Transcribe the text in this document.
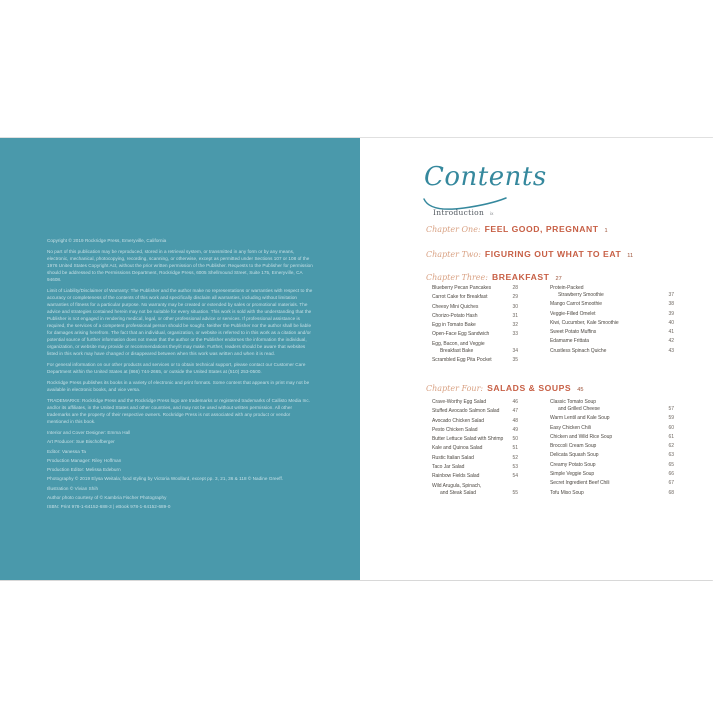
Copyright © 2019 Rockridge Press, Emeryville, California

No part of this publication may be reproduced, stored in a retrieval system, or transmitted in any form or by any means, electronic, mechanical, photocopying, recording, scanning, or otherwise, except as permitted under Sections 107 or 108 of the 1976 United States Copyright Act, without the prior written permission of the Publisher. Requests to the Publisher for permission should be addressed to the Permissions Department, Rockridge Press, 6005 Shellmound Street, Suite 175, Emeryville, CA 94608.

Limit of Liability/Disclaimer of Warranty: The Publisher and the author make no representations or warranties with respect to the accuracy or completeness of the contents of this work and specifically disclaim all warranties, including without limitation warranties of fitness for a particular purpose. No warranty may be created or extended by sales or promotional materials. The advice and strategies contained herein may not be suitable for every situation. This work is sold with the understanding that the Publisher is not engaged in rendering medical, legal, or other professional advice or services. If professional assistance is required, the services of a competent professional person should be sought. Neither the Publisher nor the author shall be liable for damages arising herefrom. The fact that an individual, organization, or website is referred to in this work as a citation and/or potential source of further information does not mean that the author or the Publisher endorses the information the individual, organization, or website may provide or recommendations they/it may make. Further, readers should be aware that websites listed in this work may have changed or disappeared between when this work was written and when it is read.

For general information on our other products and services or to obtain technical support, please contact our Customer Care Department within the United States at (866) 744-2665, or outside the United States at (510) 253-0500.

Rockridge Press publishes its books in a variety of electronic and print formats. Some content that appears in print may not be available in electronic books, and vice versa.

TRADEMARKS: Rockridge Press and the Rockridge Press logo are trademarks or registered trademarks of Callisto Media Inc. and/or its affiliates, in the United States and other countries, and may not be used without written permission. All other trademarks are the property of their respective owners. Rockridge Press is not associated with any product or vendor mentioned in this book.

Interior and Cover Designer: Emma Hall

Art Producer: Sue Bischofberger

Editor: Vanessa Ta

Production Manager: Riley Hoffman

Production Editor: Melissa Edeburn

Photography © 2019 Elysa Weitala; food styling by Victoria Woollard, except pp. 3, 21, 36 & 118 © Nadine Greeff.

Illustration © Vivian Shih

Author photo courtesy of © Kambria Fischer Photography

ISBN: Print 978-1-64152-688-3 | eBook 978-1-64152-689-0

Contents
Introduction ix
Chapter One: FEEL GOOD, PREGNANT 1
Chapter Two: FIGURING OUT WHAT TO EAT 11
Chapter Three: BREAKFAST 27
Blueberry Pecan Pancakes	28
Carrot Cake for Breakfast	29
Cheesy Mini Quiches	30
Chorizo-Potato Hash	31
Egg in Tomato Bake	32
Open-Face Egg Sandwich	33
Egg, Bacon, and Veggie
Breakfast Bake	34
Scrambled Egg Pita Pocket	35
Protein-Packed
Strawberry Smoothie	37
Mango Carrot Smoothie	38
Veggie-Filled Omelet	39
Kiwi, Cucumber, Kale Smoothie	40
Sweet Potato Muffins	41
Edamame Frittata	42
Crustless Spinach Quiche	43
Chapter Four: SALADS & SOUPS 45
Crave-Worthy Egg Salad	46
Stuffed Avocado Salmon Salad	47
Avocado Chicken Salad	48
Pesto Chicken Salad	49
Butter Lettuce Salad with Shrimp	50
Kale and Quinoa Salad	51
Rustic Italian Salad	52
Taco Jar Salad	53
Rainbow Fields Salad	54
Wild Arugula, Spinach,
and Steak Salad	55
Classic Tomato Soup
and Grilled Cheese	57
Warm Lentil and Kale Soup	59
Easy Chicken Chili	60
Chicken and Wild Rice Soup	61
Broccoli Cream Soup	62
Delicata Squash Soup	63
Creamy Potato Soup	65
Simple Veggie Soup	66
Secret Ingredient Beef Chili	67
Tofu Miso Soup	68
